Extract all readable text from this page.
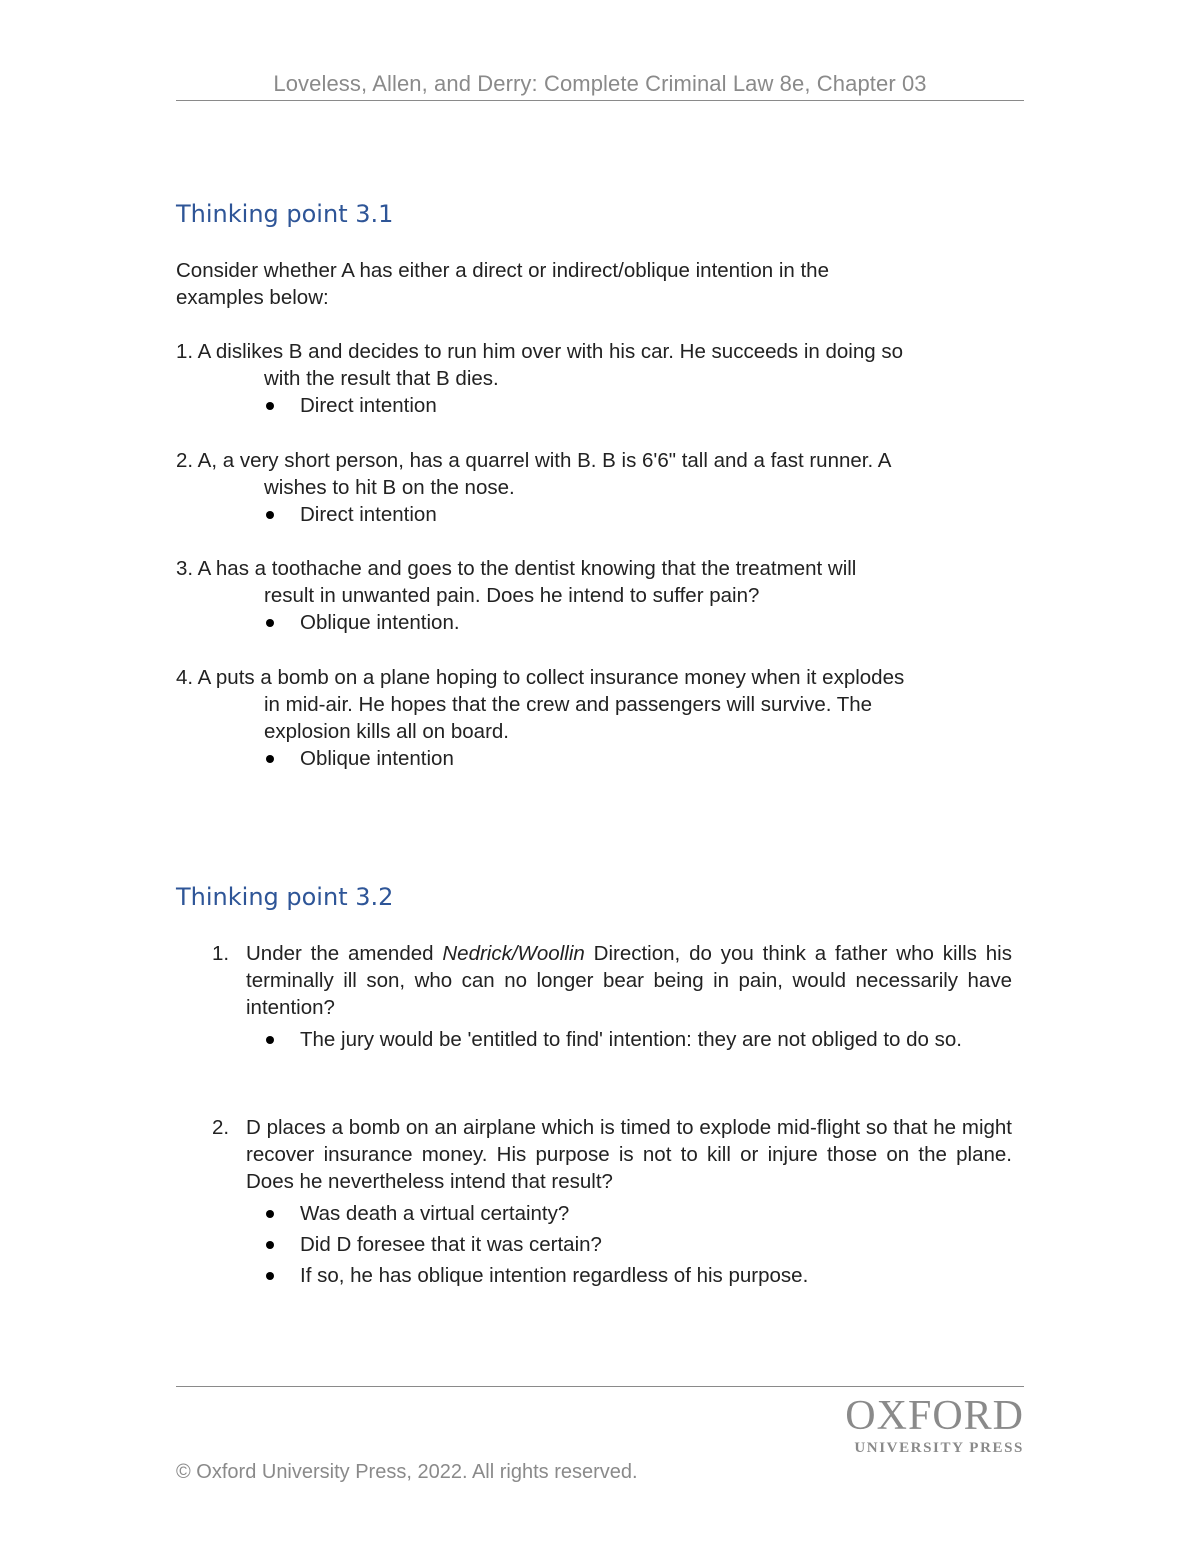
Loveless, Allen, and Derry: Complete Criminal Law 8e, Chapter 03
Thinking point 3.1

Consider whether A has either a direct or indirect/oblique intention in the
examples below:

1. A dislikes B and decides to run him over with his car. He succeeds in doing so
with the result that B dies.
Direct intention
2. A, a very short person, has a quarrel with B. B is 6'6" tall and a fast runner. A
wishes to hit B on the nose.
Direct intention
3. A has a toothache and goes to the dentist knowing that the treatment will
result in unwanted pain. Does he intend to suffer pain?
Oblique intention.
4. A puts a bomb on a plane hoping to collect insurance money when it explodes
in mid-air. He hopes that the crew and passengers will survive. The
explosion kills all on board.
Oblique intention
Thinking point 3.2
1. Under the amended Nedrick/Woollin Direction, do you think a father who kills his terminally ill son, who can no longer bear being in pain, would necessarily have intention?
The jury would be 'entitled to find' intention: they are not obliged to do so.
2. D places a bomb on an airplane which is timed to explode mid-flight so that he might recover insurance money. His purpose is not to kill or injure those on the plane. Does he nevertheless intend that result?
Was death a virtual certainty?
Did D foresee that it was certain?
If so, he has oblique intention regardless of his purpose.
OXFORD
UNIVERSITY PRESS
© Oxford University Press, 2022. All rights reserved.
